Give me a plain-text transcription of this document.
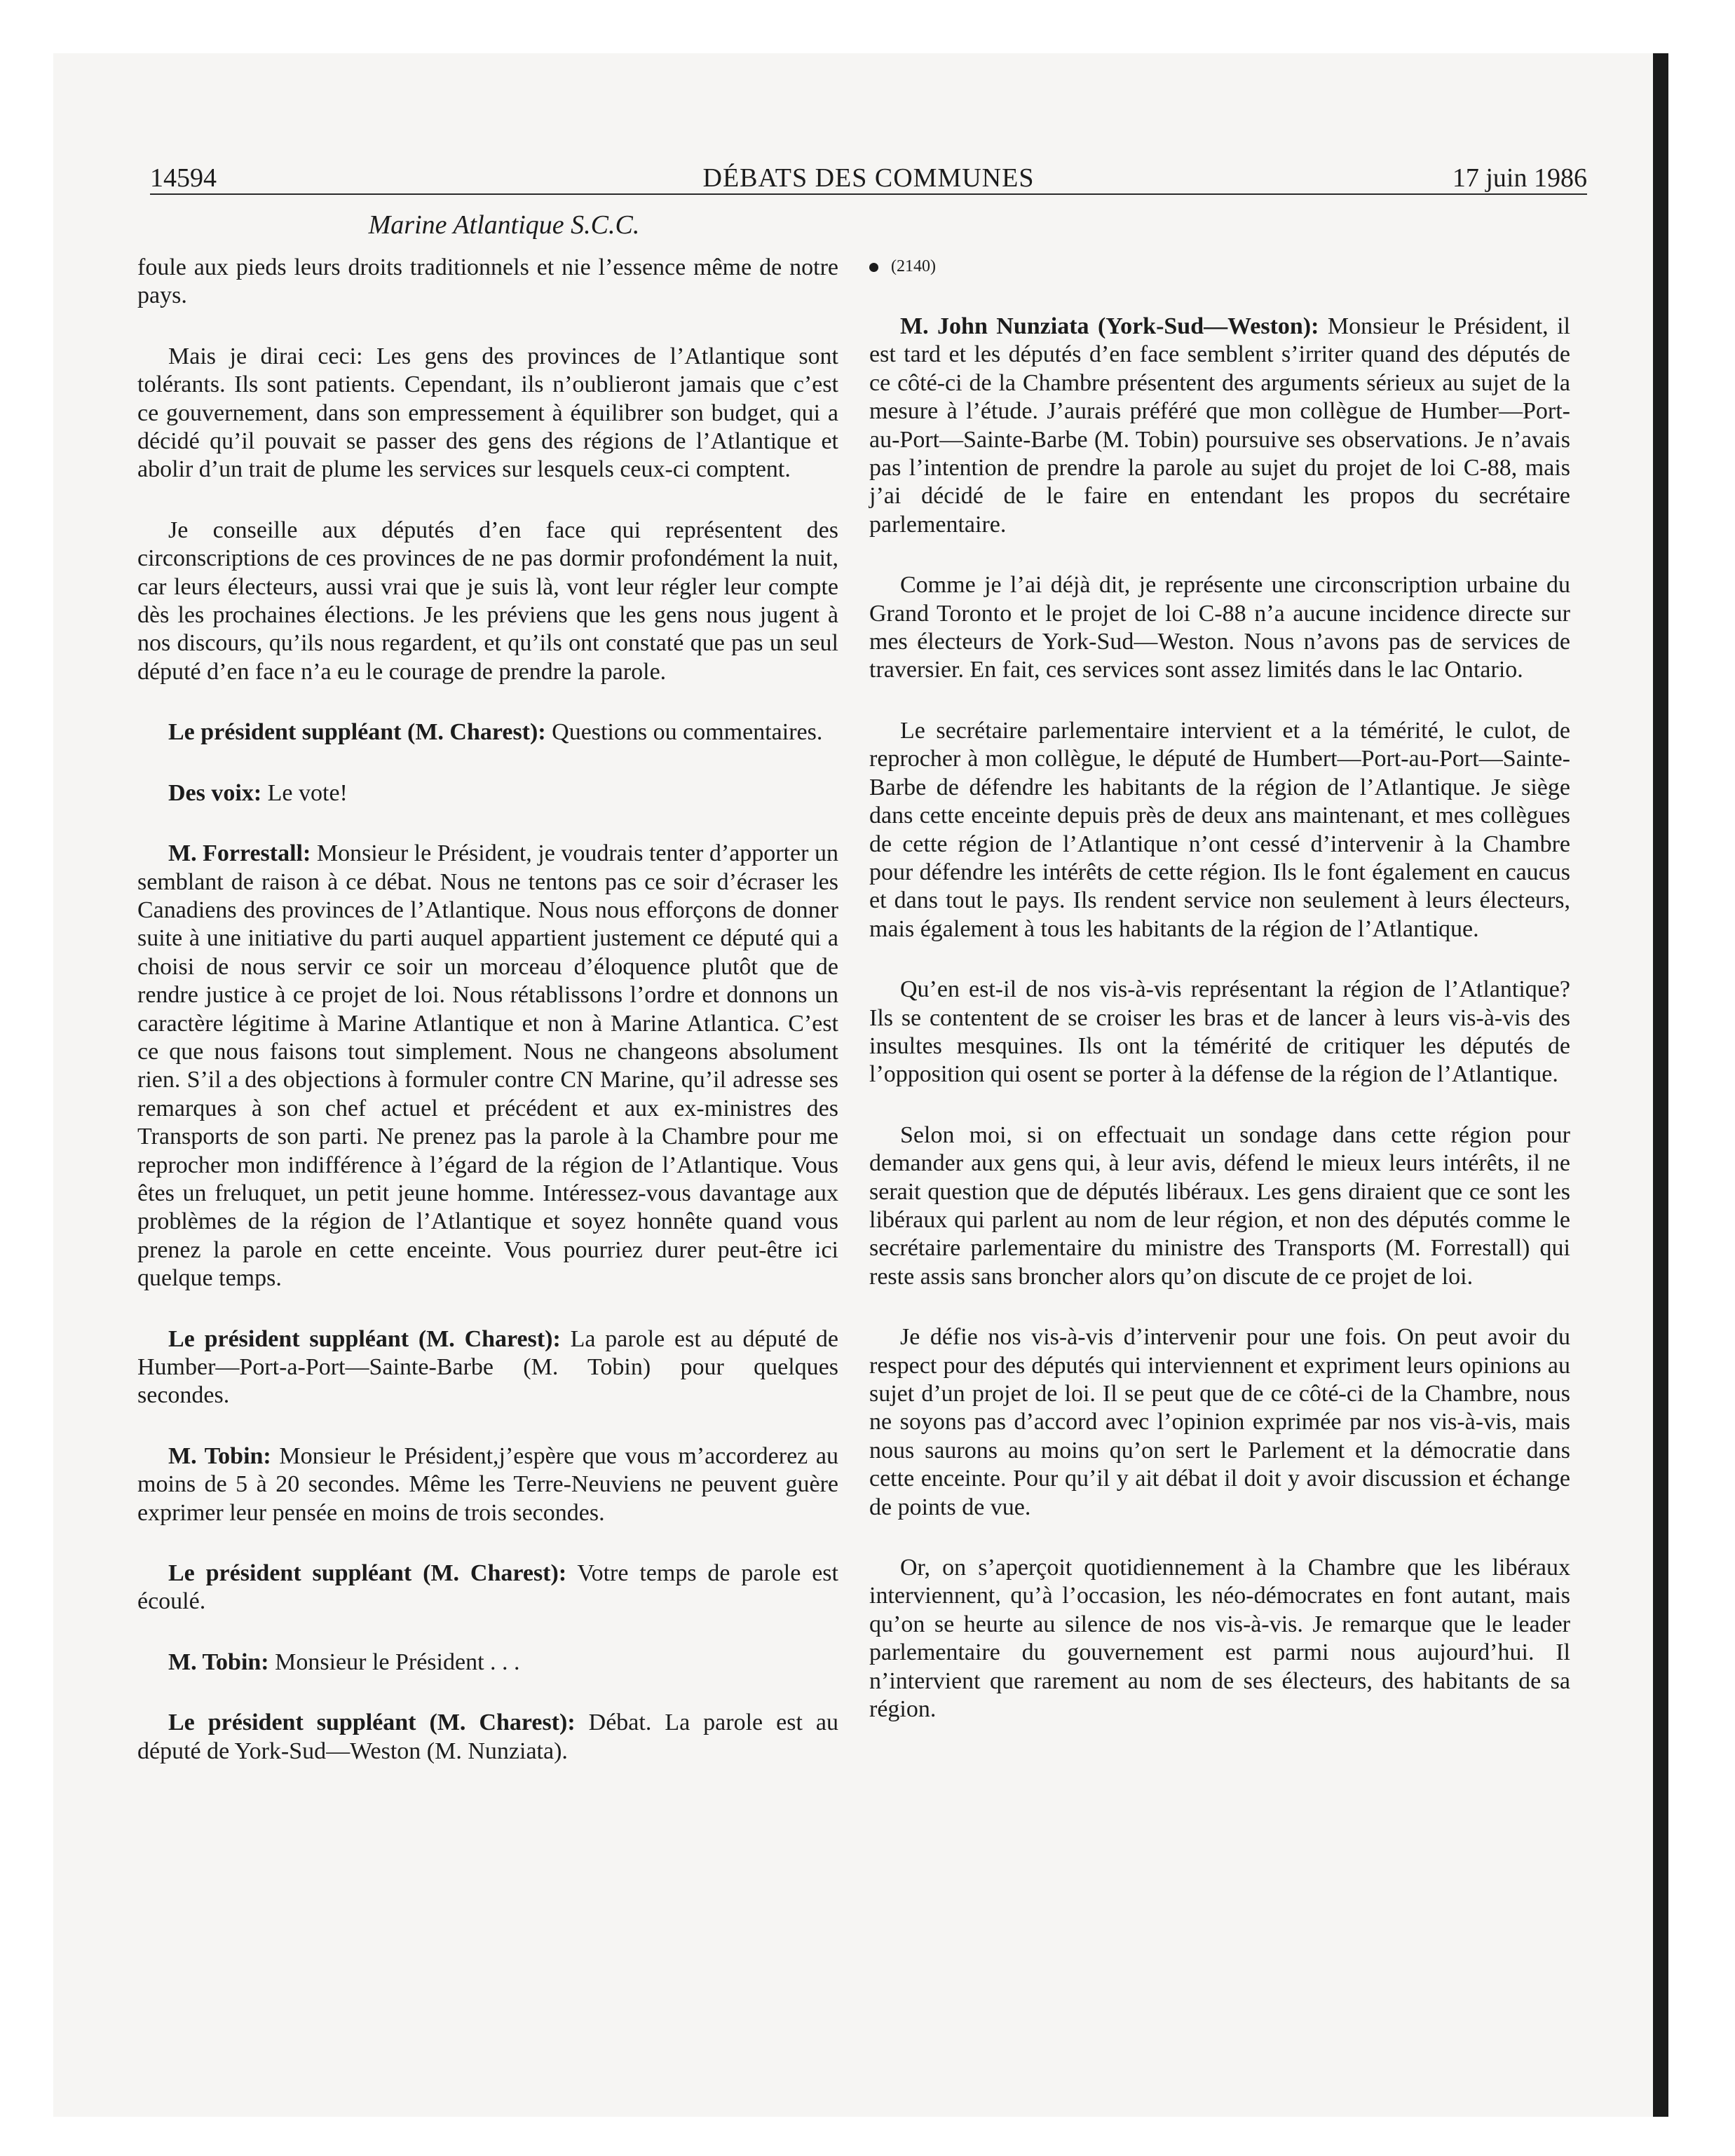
14594	DÉBATS DES COMMUNES	17 juin 1986
Marine Atlantique S.C.C.

foule aux pieds leurs droits traditionnels et nie l’essence même de notre pays.

Mais je dirai ceci: Les gens des provinces de l’Atlantique sont tolérants. Ils sont patients. Cependant, ils n’oublieront jamais que c’est ce gouvernement, dans son empressement à équilibrer son budget, qui a décidé qu’il pouvait se passer des gens des régions de l’Atlantique et abolir d’un trait de plume les services sur lesquels ceux-ci comptent.

Je conseille aux députés d’en face qui représentent des circonscriptions de ces provinces de ne pas dormir profondément la nuit, car leurs électeurs, aussi vrai que je suis là, vont leur régler leur compte dès les prochaines élections. Je les préviens que les gens nous jugent à nos discours, qu’ils nous regardent, et qu’ils ont constaté que pas un seul député d’en face n’a eu le courage de prendre la parole.

Le président suppléant (M. Charest): Questions ou commentaires.

Des voix: Le vote!

M. Forrestall: Monsieur le Président, je voudrais tenter d’apporter un semblant de raison à ce débat. Nous ne tentons pas ce soir d’écraser les Canadiens des provinces de l’Atlantique. Nous nous efforçons de donner suite à une initiative du parti auquel appartient justement ce député qui a choisi de nous servir ce soir un morceau d’éloquence plutôt que de rendre justice à ce projet de loi. Nous rétablissons l’ordre et donnons un caractère légitime à Marine Atlantique et non à Marine Atlantica. C’est ce que nous faisons tout simplement. Nous ne changeons absolument rien. S’il a des objections à formuler contre CN Marine, qu’il adresse ses remarques à son chef actuel et précédent et aux ex-ministres des Transports de son parti. Ne prenez pas la parole à la Chambre pour me reprocher mon indifférence à l’égard de la région de l’Atlantique. Vous êtes un freluquet, un petit jeune homme. Intéressez-vous davantage aux problèmes de la région de l’Atlantique et soyez honnête quand vous prenez la parole en cette enceinte. Vous pourriez durer peut-être ici quelque temps.

Le président suppléant (M. Charest): La parole est au député de Humber—Port-a-Port—Sainte-Barbe (M. Tobin) pour quelques secondes.

M. Tobin: Monsieur le Président,j’espère que vous m’accorderez au moins de 5 à 20 secondes. Même les Terre-Neuviens ne peuvent guère exprimer leur pensée en moins de trois secondes.

Le président suppléant (M. Charest): Votre temps de parole est écoulé.

M. Tobin: Monsieur le Président . . .

Le président suppléant (M. Charest): Débat. La parole est au député de York-Sud—Weston (M. Nunziata).

(2140)

M. John Nunziata (York-Sud—Weston): Monsieur le Président, il est tard et les députés d’en face semblent s’irriter quand des députés de ce côté-ci de la Chambre présentent des arguments sérieux au sujet de la mesure à l’étude. J’aurais préféré que mon collègue de Humber—Port-au-Port—Sainte-Barbe (M. Tobin) poursuive ses observations. Je n’avais pas l’intention de prendre la parole au sujet du projet de loi C-88, mais j’ai décidé de le faire en entendant les propos du secrétaire parlementaire.

Comme je l’ai déjà dit, je représente une circonscription urbaine du Grand Toronto et le projet de loi C-88 n’a aucune incidence directe sur mes électeurs de York-Sud—Weston. Nous n’avons pas de services de traversier. En fait, ces services sont assez limités dans le lac Ontario.

Le secrétaire parlementaire intervient et a la témérité, le culot, de reprocher à mon collègue, le député de Humbert—Port-au-Port—Sainte-Barbe de défendre les habitants de la région de l’Atlantique. Je siège dans cette enceinte depuis près de deux ans maintenant, et mes collègues de cette région de l’Atlantique n’ont cessé d’intervenir à la Chambre pour défendre les intérêts de cette région. Ils le font également en caucus et dans tout le pays. Ils rendent service non seulement à leurs électeurs, mais également à tous les habitants de la région de l’Atlantique.

Qu’en est-il de nos vis-à-vis représentant la région de l’Atlantique? Ils se contentent de se croiser les bras et de lancer à leurs vis-à-vis des insultes mesquines. Ils ont la témérité de critiquer les députés de l’opposition qui osent se porter à la défense de la région de l’Atlantique.

Selon moi, si on effectuait un sondage dans cette région pour demander aux gens qui, à leur avis, défend le mieux leurs intérêts, il ne serait question que de députés libéraux. Les gens diraient que ce sont les libéraux qui parlent au nom de leur région, et non des députés comme le secrétaire parlementaire du ministre des Transports (M. Forrestall) qui reste assis sans broncher alors qu’on discute de ce projet de loi.

Je défie nos vis-à-vis d’intervenir pour une fois. On peut avoir du respect pour des députés qui interviennent et expriment leurs opinions au sujet d’un projet de loi. Il se peut que de ce côté-ci de la Chambre, nous ne soyons pas d’accord avec l’opinion exprimée par nos vis-à-vis, mais nous saurons au moins qu’on sert le Parlement et la démocratie dans cette enceinte. Pour qu’il y ait débat il doit y avoir discussion et échange de points de vue.

Or, on s’aperçoit quotidiennement à la Chambre que les libéraux interviennent, qu’à l’occasion, les néo-démocrates en font autant, mais qu’on se heurte au silence de nos vis-à-vis. Je remarque que le leader parlementaire du gouvernement est parmi nous aujourd’hui. Il n’intervient que rarement au nom de ses électeurs, des habitants de sa région.
